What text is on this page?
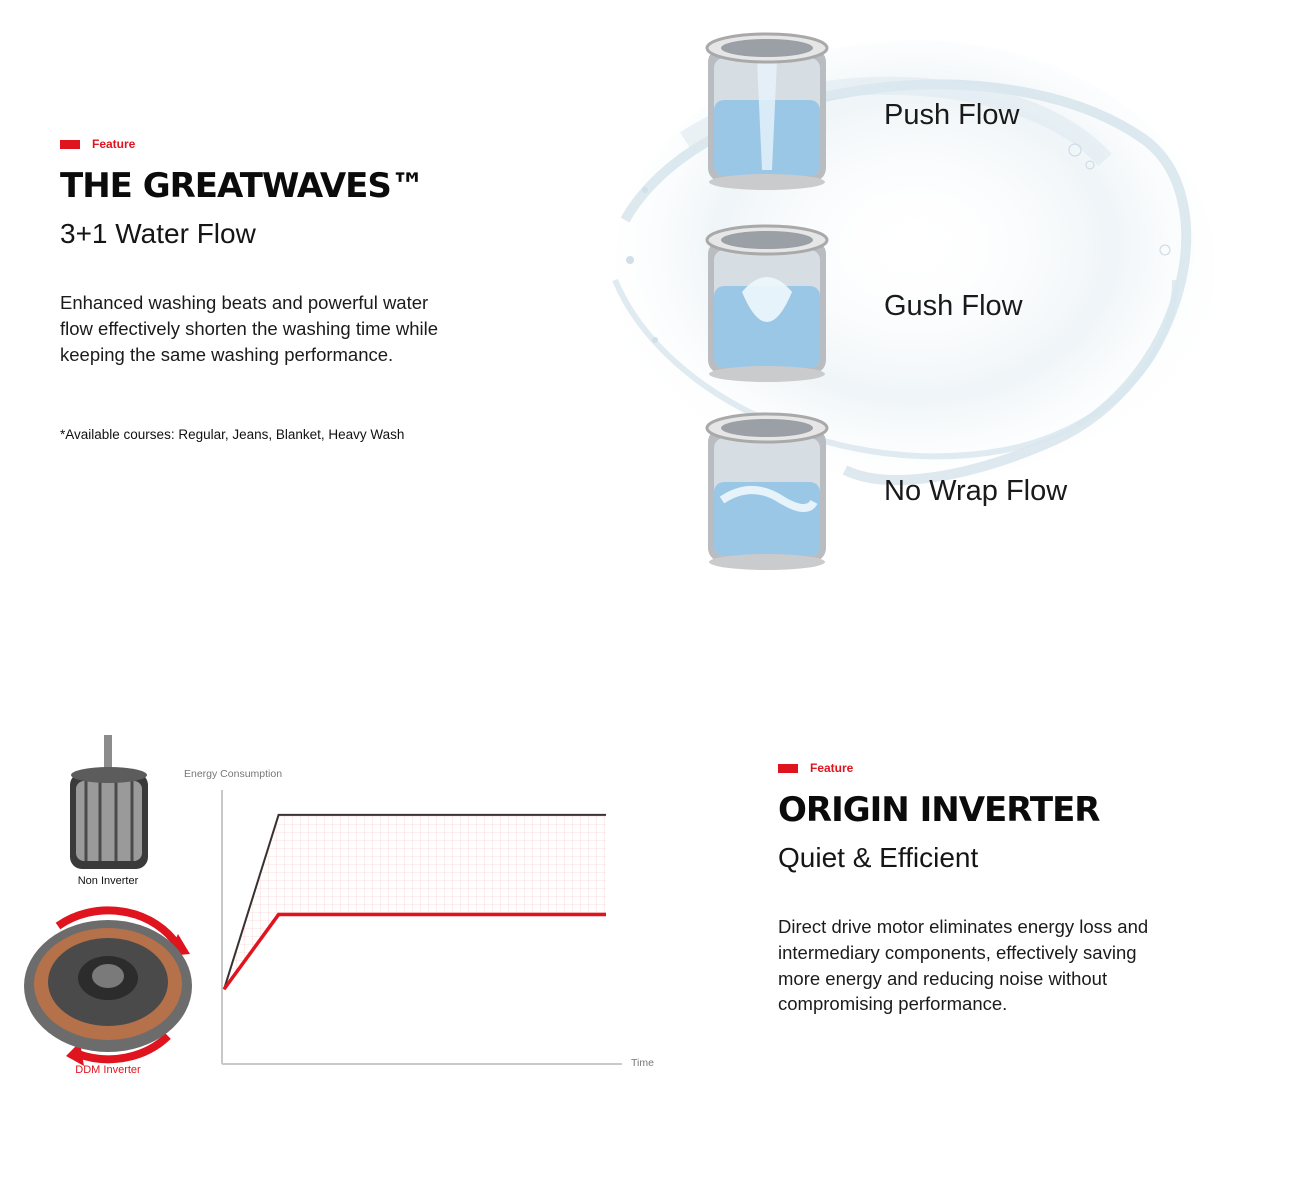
Feature
THE GREATWAVES™
3+1 Water Flow
Enhanced washing beats and powerful water flow effectively shorten the washing time while keeping the same washing performance.
*Available courses: Regular, Jeans, Blanket, Heavy Wash
Push Flow
Gush Flow
No Wrap Flow
Non Inverter
DDM Inverter
Energy Consumption
Time
Feature
ORIGIN INVERTER
Quiet & Efficient
Direct drive motor eliminates energy loss and intermediary components, effectively saving more energy and reducing noise without compromising performance.
